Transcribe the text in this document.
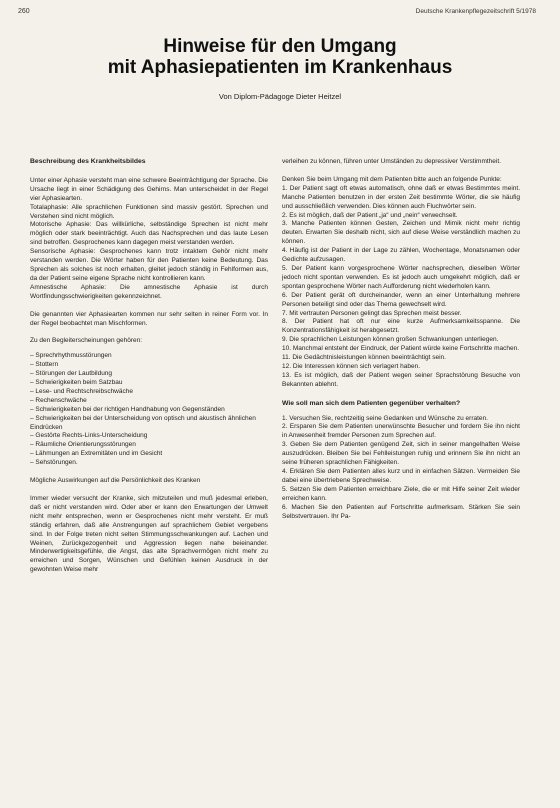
260	Deutsche Krankenpflegezeitschrift 5/1978
Hinweise für den Umgang
mit Aphasiepatienten im Krankenhaus
Von Diplom-Pädagoge Dieter Heitzel
Beschreibung des Krankheitsbildes

Unter einer Aphasie versteht man eine schwere Beeinträchtigung der Sprache. Die Ursache liegt in einer Schädigung des Gehirns. Man unterscheidet in der Regel vier Aphasiearten.

Totalaphasie: Alle sprachlichen Funktionen sind massiv gestört. Sprechen und Verstehen sind nicht möglich.

Motorische Aphasie: Das willkürliche, selbständige Sprechen ist nicht mehr möglich oder stark beeinträchtigt. Auch das Nachsprechen und das laute Lesen sind betroffen. Gesprochenes kann dagegen meist verstanden werden.

Sensorische Aphasie: Gesprochenes kann trotz intaktem Gehör nicht mehr verstanden werden. Die Wörter haben für den Patienten keine Bedeutung. Das Sprechen als solches ist noch erhalten, gleitet jedoch ständig in Fehlformen aus, da der Patient seine eigene Sprache nicht kontrollieren kann.

Amnestische Aphasie: Die amnestische Aphasie ist durch Wortfindungsschwierigkeiten gekennzeichnet.

Die genannten vier Aphasiearten kommen nur sehr selten in reiner Form vor. In der Regel beobachtet man Mischformen.

Zu den Begleiterscheinungen gehören:

– Sprechrhythmusstörungen
– Stottern
– Störungen der Lautbildung
– Schwierigkeiten beim Satzbau
– Lese- und Rechtschreibschwäche
– Rechenschwäche
– Schwierigkeiten bei der richtigen Handhabung von Gegenständen
– Schwierigkeiten bei der Unterscheidung von optisch und akustisch ähnlichen Eindrücken
– Gestörte Rechts-Links-Unterscheidung
– Räumliche Orientierungsstörungen
– Lähmungen an Extremitäten und im Gesicht
– Sehstörungen.

Mögliche Auswirkungen auf die Persönlichkeit des Kranken

Immer wieder versucht der Kranke, sich mitzuteilen und muß jedesmal erleben, daß er nicht verstanden wird. Oder aber er kann den Erwartungen der Umwelt nicht mehr entsprechen, wenn er Gesprochenes nicht mehr versteht. Er muß ständig erfahren, daß alle Anstrengungen auf sprachlichem Gebiet vergebens sind. In der Folge treten nicht selten Stimmungsschwankungen auf. Lachen und Weinen, Zurückgezogenheit und Aggression liegen nahe beieinander. Minderwertigkeitsgefühle, die Angst, das alte Sprachvermögen nicht mehr zu erreichen und Sorgen, Wünschen und Gefühlen keinen Ausdruck in der gewohnten Weise mehr

verleihen zu können, führen unter Umständen zu depressiver Verstimmtheit.

Denken Sie beim Umgang mit dem Patienten bitte auch an folgende Punkte:

1. Der Patient sagt oft etwas automatisch, ohne daß er etwas Bestimmtes meint. Manche Patienten benutzen in der ersten Zeit bestimmte Wörter, die sie häufig und ausschließlich verwenden. Dies können auch Fluchwörter sein.

2. Es ist möglich, daß der Patient „ja“ und „nein“ verwechselt.

3. Manche Patienten können Gesten, Zeichen und Mimik nicht mehr richtig deuten. Erwarten Sie deshalb nicht, sich auf diese Weise verständlich machen zu können.

4. Häufig ist der Patient in der Lage zu zählen, Wochentage, Monatsnamen oder Gedichte aufzusagen.

5. Der Patient kann vorgesprochene Wörter nachsprechen, dieselben Wörter jedoch nicht spontan verwenden. Es ist jedoch auch umgekehrt möglich, daß er spontan gesprochene Wörter nach Aufforderung nicht wiederholen kann.

6. Der Patient gerät oft durcheinander, wenn an einer Unterhaltung mehrere Personen beteiligt sind oder das Thema gewechselt wird.

7. Mit vertrauten Personen gelingt das Sprechen meist besser.

8. Der Patient hat oft nur eine kurze Aufmerksamkeitsspanne. Die Konzentrationsfähigkeit ist herabgesetzt.

9. Die sprachlichen Leistungen können großen Schwankungen unterliegen.

10. Manchmal entsteht der Eindruck, der Patient würde keine Fortschritte machen.

11. Die Gedächtnisleistungen können beeinträchtigt sein.

12. Die Interessen können sich verlagert haben.

13. Es ist möglich, daß der Patient wegen seiner Sprachstörung Besuche von Bekannten ablehnt.

Wie soll man sich dem Patienten gegenüber verhalten?

1. Versuchen Sie, rechtzeitig seine Gedanken und Wünsche zu erraten.

2. Ersparen Sie dem Patienten unerwünschte Besucher und fordern Sie ihn nicht in Anwesenheit fremder Personen zum Sprechen auf.

3. Geben Sie dem Patienten genügend Zeit, sich in seiner mangelhaften Weise auszudrücken. Bleiben Sie bei Fehlleistungen ruhig und erinnern Sie ihn nicht an seine früheren sprachlichen Fähigkeiten.

4. Erklären Sie dem Patienten alles kurz und in einfachen Sätzen. Vermeiden Sie dabei eine übertriebene Sprechweise.

5. Setzen Sie dem Patienten erreichbare Ziele, die er mit Hilfe seiner Zeit wieder erreichen kann.

6. Machen Sie den Patienten auf Fortschritte aufmerksam. Stärken Sie sein Selbstvertrauen. Ihr Pa-
